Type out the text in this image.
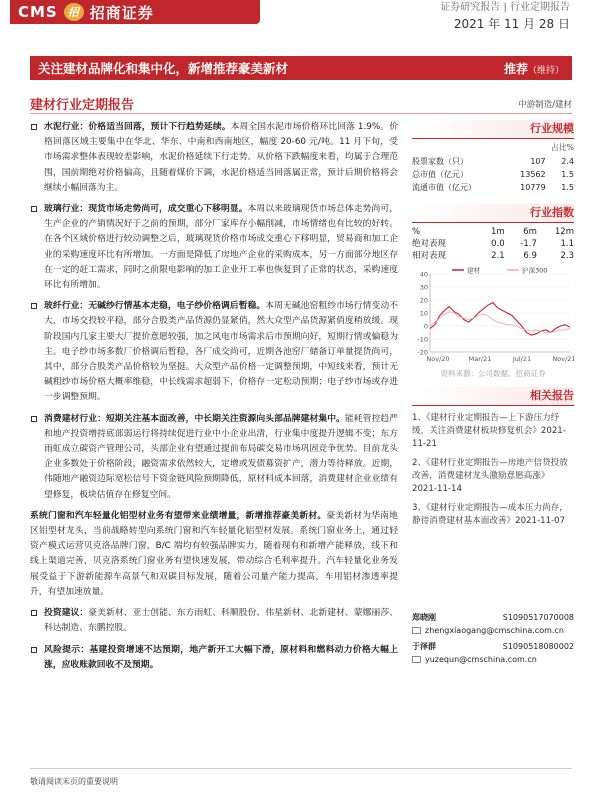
CMS 招 招商证券	证券研究报告 | 行业定期报告
2021 年 11 月 28 日
关注建材品牌化和集中化，新增推荐豪美新材	推荐（维持）
建材行业定期报告	中游制造/建材
水泥行业：价格适当回落，预计下行趋势延续。本周全国水泥市场价格环比回落 1.9%。价格回落区域主要集中在华北、华东、中南和西南地区，幅度 20-60 元/吨。11 月下旬，受市场需求整体表现较差影响，水泥价格延续下行走势。从价格下跌幅度来看，均属于合理范围，国前期绝对价格偏高，且随着煤价下调，水泥价格适当回落属正常，预计后期价格将会继续小幅回落为主。
玻璃行业：现货市场走势尚可，成交重心下移明显。本周以来玻璃现货市场总体走势尚可，生产企业的产销情况好于之前的预期，部分厂家库存小幅削减，市场情绪也有比较的好转。在各个区域价格进行较动调整之后，玻璃现货价格市场成交重心下移明显，贸易商和加工企业的采购速度环比有所增加。一方面是降低了房地产企业的采购成本，另一方面部分地区存在一定的赶工需求，同时之前限电影响的加工企业开工率也恢复到了正常的状态，采购速度环比有所增加。
玻纤行业：无碱纱行情基本走稳，电子纱价格调后暂稳。本周无碱池窑粗纱市场行情变动不大，市场交投较平稳，部分合股类产品货源仍显紧俏，然大众型产品货源紧俏度稍放缓。现阶段国内几家主要大厂提价意愿较强，加之风电市场需求后市预期向好，短期行情或偏稳为主。电子纱市场多数厂价格调后暂稳，各厂成交尚可，近期各池窑厂储备订单量提货尚可，其中，部分合股类产品价格较为坚挺。大众型产品价格一定调整预期，中短线来看，预计无碱粗纱市场价格大概率维稳，中长线需求超弱下，价格存一定松动预期；电子纱市场或存进一步调整预期。
消费建材行业：短期关注基本面改善，中长期关注资源向头部品牌建材集中。能耗管控趋严和地产投资增持底部弱运行将持续促进行业中小企业出清，行业集中度提升逻辑不变；东方雨虹成立碳资产管理公司，头部企业有望通过提前布局碳交易市场巩固竞争优势。目前龙头企业多数处于价格阶段，融资需求依然较大，定增或发债募资扩产，潜力等待释放。近期，伟随地产融资边际宽松信号下资金链风险预期降低，原材料成本回落，消费建材企业业绩有望修复，板块估值存在修复空间。
系统门窗和汽车轻量化铝型材业务有望带来业绩增量，新增推荐豪美新材。豪美新材为华南地区铝型材龙头，当前战略转型向系统门窗和汽车轻量化铝型材发展。系统门窗业务上，通过轻资产模式运营贝克洛品牌门窗，B/C 端均有较强品牌实力，随着现有和新增产能释放，线下和线上渠道完善，贝克洛系统门窗业务有望快速发展，带动综合毛利率提升。汽车轻量化业务发展受益于下游新能源车高景气和双碳目标发展，随着公司量产能力提高，车用铝材渗透率提升，有望加速放量。
投资建议：豪美新材、亚士创能、东方雨虹、科顺股份、伟星新材、北新建材、蒙娜丽莎、科达制造、东鹏控股。
风险提示：基建投资增速不达预期，地产新开工大幅下滑，原材料和燃料动力价格大幅上涨，应收账款回收不及预期。
行业规模
占比%
股票家数（只）	107	2.4
总市值（亿元）	13562	1.5
流通市值（亿元）	10779	1.5
行业指数
%	1m	6m	12m
绝对表现	0.0	-1.7	1.1
相对表现	2.1	6.9	2.3
40
30
20
10
0
-10
-20
Nov/20	Mar/21	Jul/21	Nov/21
建材	沪深300
资料来源：公司数据、招商证券
相关报告
1、《建材行业定期报告—上下游压力纾缓，关注消费建材板块修复机会》2021-11-21
2、《建材行业定期报告—房地产信贷投放改善，消费建材龙头激励意愿高涨》2021-11-14
3、《建材行业定期报告—成本压力尚存，静待消费建材基本面改善》2021-11-07
郑晓刚	S1090517070008
zhengxiaogang@cmschina.com.cn
于泽群	S1090518080002
yuzequn@cmschina.com.cn
敬请阅读末页的重要说明
